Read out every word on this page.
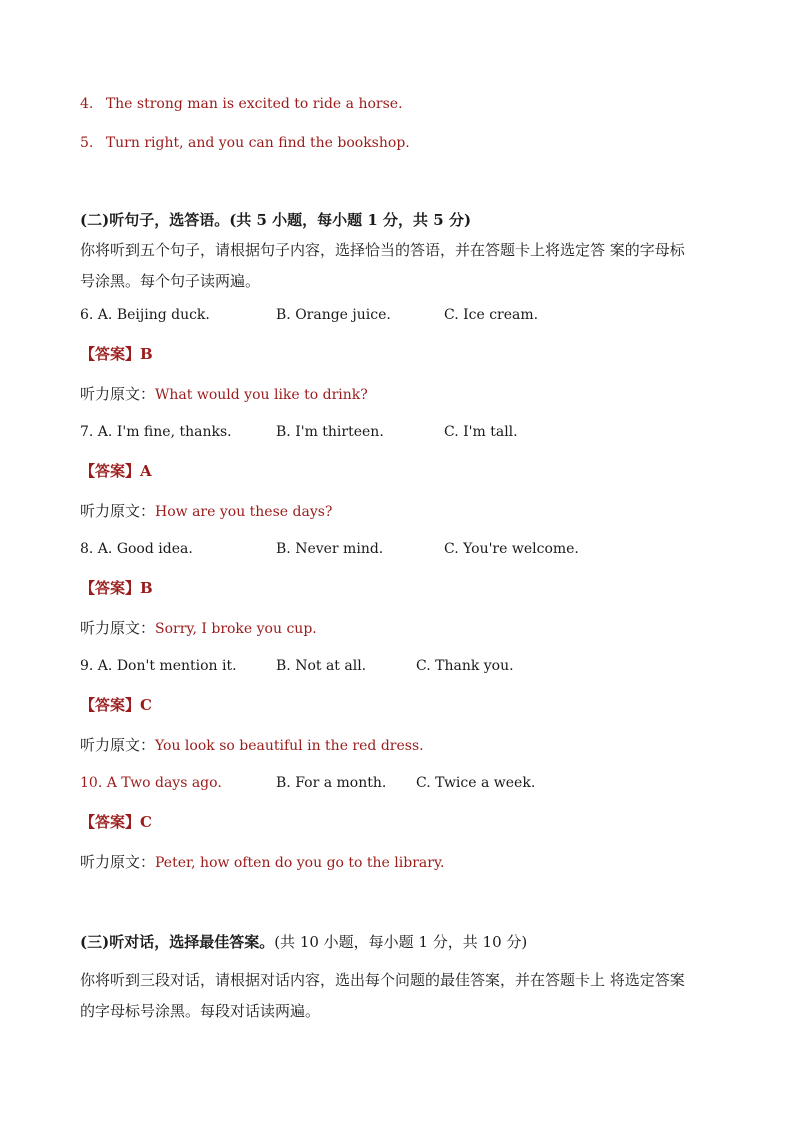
4. The strong man is excited to ride a horse.
5. Turn right, and you can find the bookshop.
(二)听句子，选答语。(共 5 小题，每小题 1 分，共 5 分)
你将听到五个句子，请根据句子内容，选择恰当的答语，并在答题卡上将选定答 案的字母标
号涂黑。每个句子读两遍。
6. A. Beijing duck.	B. Orange juice.	C. Ice cream.
【答案】B
听力原文：What would you like to drink?
7. A. I'm fine, thanks.	B. I'm thirteen.	C. I'm tall.
【答案】A
听力原文：How are you these days?
8. A. Good idea.	B. Never mind.	C. You're welcome.
【答案】B
听力原文：Sorry, I broke you cup.
9. A. Don't mention it.	B. Not at all.	C. Thank you.
【答案】C
听力原文：You look so beautiful in the red dress.
10. A Two days ago.	B. For a month. C. Twice a week.
【答案】C
听力原文：Peter, how often do you go to the library.
(三)听对话，选择最佳答案。(共 10 小题，每小题 1 分，共 10 分)
你将听到三段对话，请根据对话内容，选出每个问题的最佳答案，并在答题卡上 将选定答案
的字母标号涂黑。每段对话读两遍。
